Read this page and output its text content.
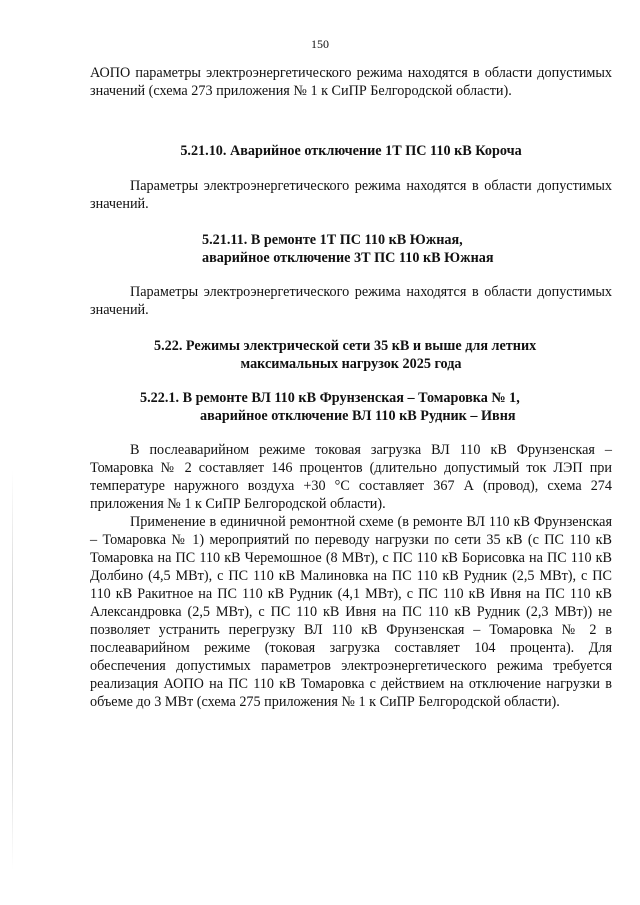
150

АОПО параметры электроэнергетического режима находятся в области допустимых значений (схема 273 приложения № 1 к СиПР Белгородской области).

5.21.10. Аварийное отключение 1Т ПС 110 кВ Короча

Параметры электроэнергетического режима находятся в области допустимых значений.

5.21.11. В ремонте 1Т ПС 110 кВ Южная,
аварийное отключение 3Т ПС 110 кВ Южная

Параметры электроэнергетического режима находятся в области допустимых значений.

5.22. Режимы электрической сети 35 кВ и выше для летних
максимальных нагрузок 2025 года
5.22.1. В ремонте ВЛ 110 кВ Фрунзенская – Томаровка № 1,
аварийное отключение ВЛ 110 кВ Рудник – Ивня

В послеаварийном режиме токовая загрузка ВЛ 110 кВ Фрунзенская – Томаровка № 2 составляет 146 процентов (длительно допустимый ток ЛЭП при температуре наружного воздуха +30 °С составляет 367 А (провод), схема 274 приложения № 1 к СиПР Белгородской области).

Применение в единичной ремонтной схеме (в ремонте ВЛ 110 кВ Фрунзенская – Томаровка № 1) мероприятий по переводу нагрузки по сети 35 кВ (с ПС 110 кВ Томаровка на ПС 110 кВ Черемошное (8 МВт), с ПС 110 кВ Борисовка на ПС 110 кВ Долбино (4,5 МВт), с ПС 110 кВ Малиновка на ПС 110 кВ Рудник (2,5 МВт), с ПС 110 кВ Ракитное на ПС 110 кВ Рудник (4,1 МВт), с ПС 110 кВ Ивня на ПС 110 кВ Александровка (2,5 МВт), с ПС 110 кВ Ивня на ПС 110 кВ Рудник (2,3 МВт)) не позволяет устранить перегрузку ВЛ 110 кВ Фрунзенская – Томаровка № 2 в послеаварийном режиме (токовая загрузка составляет 104 процента). Для обеспечения допустимых параметров электроэнергетического режима требуется реализация АОПО на ПС 110 кВ Томаровка с действием на отключение нагрузки в объеме до 3 МВт (схема 275 приложения № 1 к СиПР Белгородской области).
